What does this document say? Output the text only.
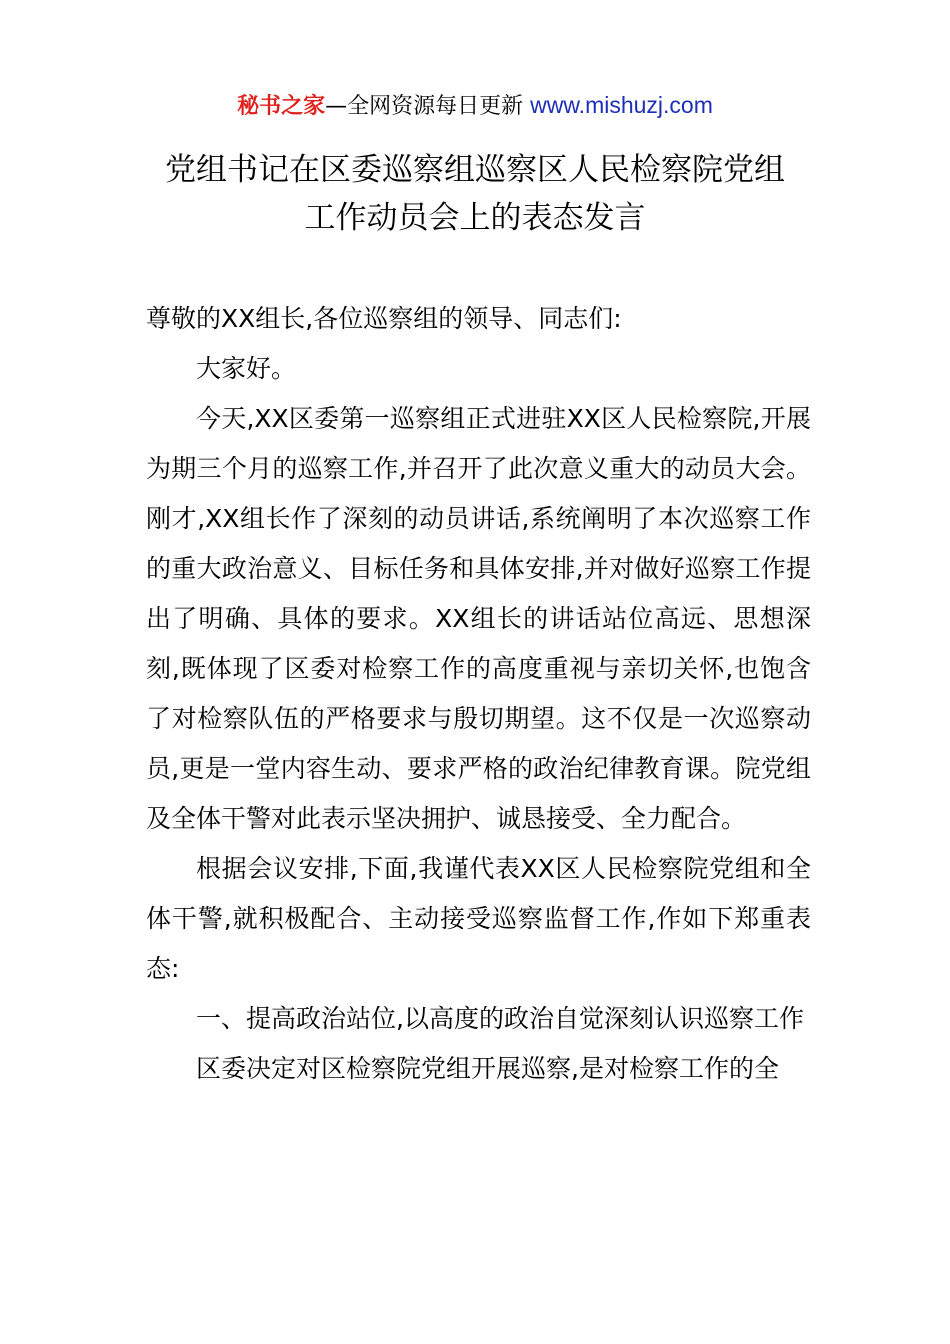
秘书之家—全网资源每日更新 www.mishuzj.com
党组书记在区委巡察组巡察区人民检察院党组
工作动员会上的表态发言

尊敬的XX组长,各位巡察组的领导、同志们:

大家好。

今天,XX区委第一巡察组正式进驻XX区人民检察院,开展为期三个月的巡察工作,并召开了此次意义重大的动员大会。刚才,XX组长作了深刻的动员讲话,系统阐明了本次巡察工作的重大政治意义、目标任务和具体安排,并对做好巡察工作提出了明确、具体的要求。XX组长的讲话站位高远、思想深刻,既体现了区委对检察工作的高度重视与亲切关怀,也饱含了对检察队伍的严格要求与殷切期望。这不仅是一次巡察动员,更是一堂内容生动、要求严格的政治纪律教育课。院党组及全体干警对此表示坚决拥护、诚恳接受、全力配合。

根据会议安排,下面,我谨代表XX区人民检察院党组和全体干警,就积极配合、主动接受巡察监督工作,作如下郑重表态:

一、提高政治站位,以高度的政治自觉深刻认识巡察工作

区委决定对区检察院党组开展巡察,是对检察工作的全
